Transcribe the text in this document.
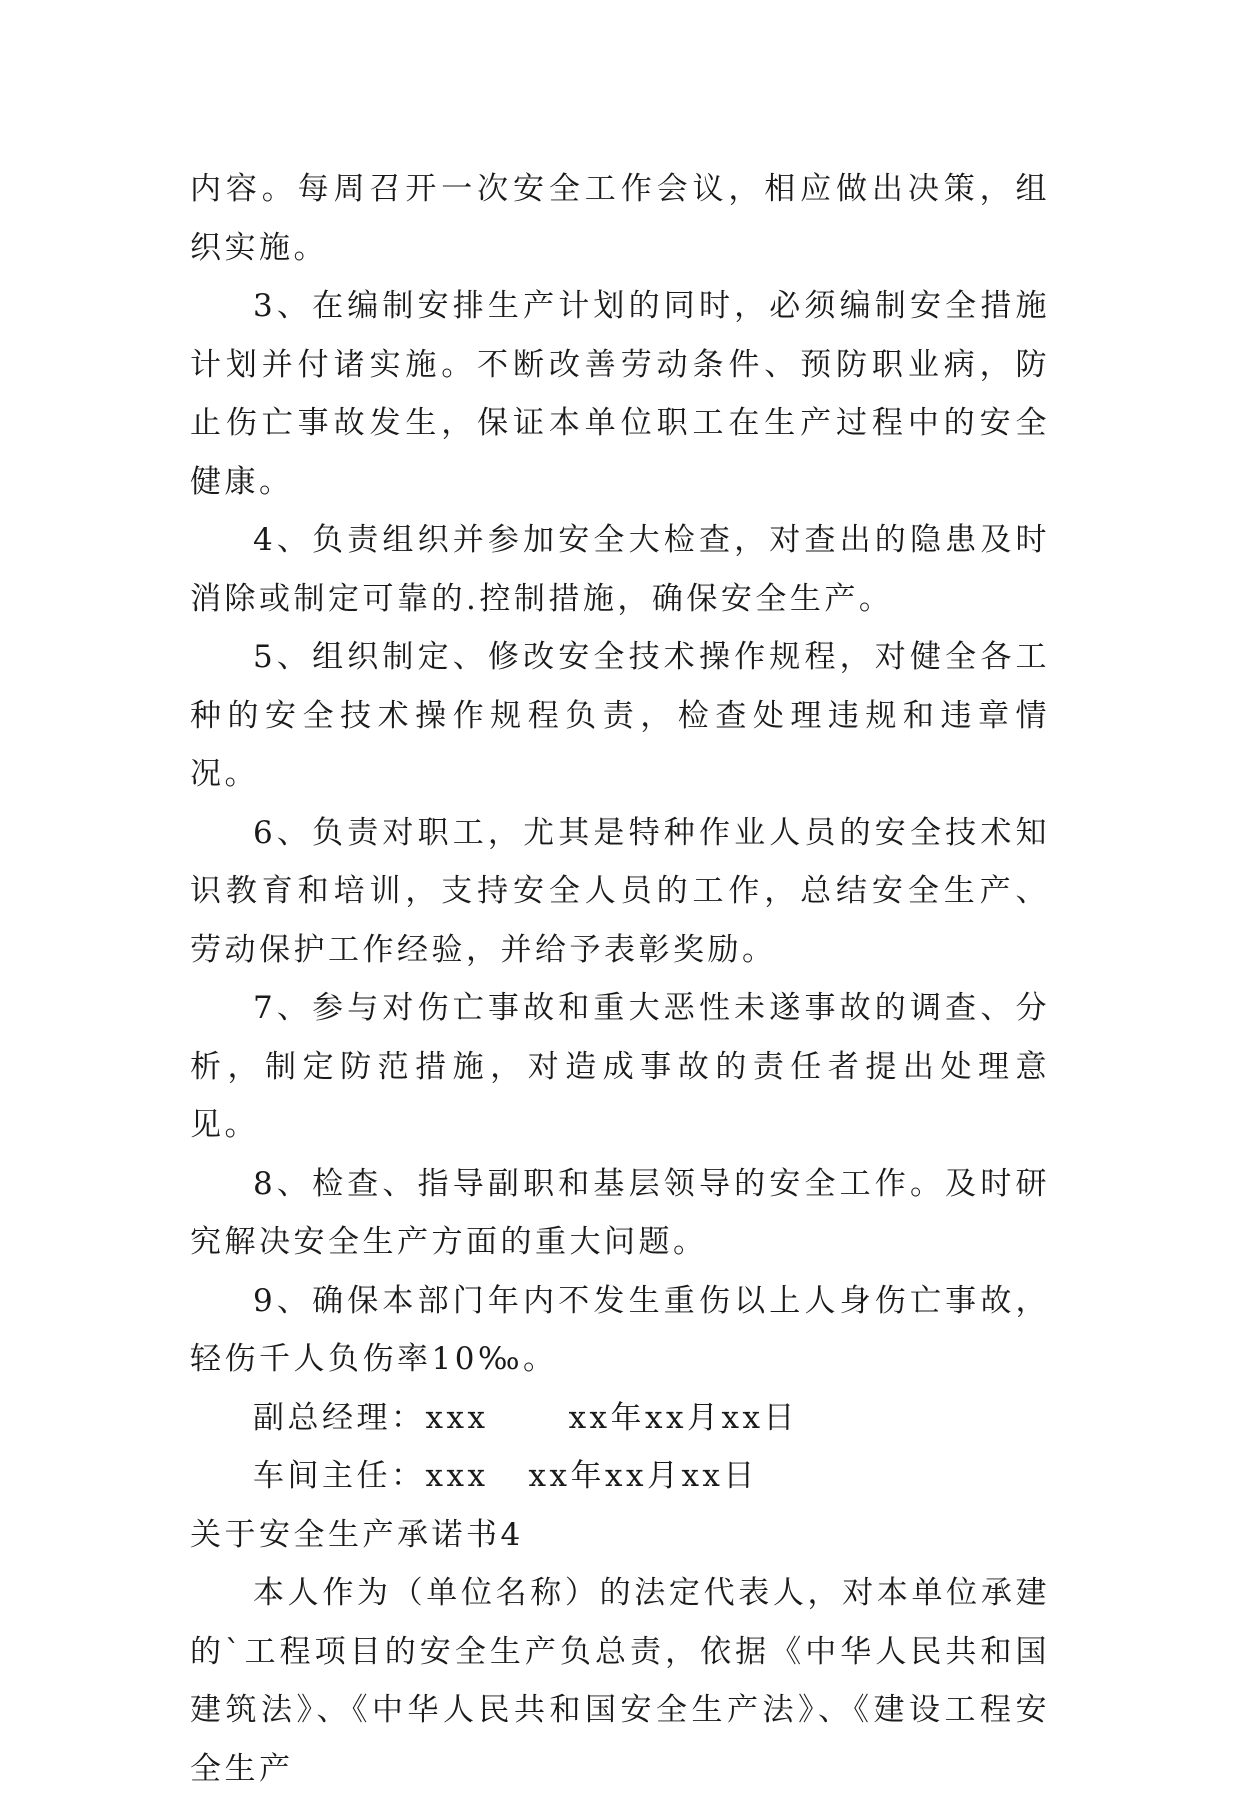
内容。每周召开一次安全工作会议，相应做出决策，组织实施。

3、在编制安排生产计划的同时，必须编制安全措施计划并付诸实施。不断改善劳动条件、预防职业病，防止伤亡事故发生，保证本单位职工在生产过程中的安全健康。

4、负责组织并参加安全大检查，对查出的隐患及时消除或制定可靠的.控制措施，确保安全生产。

5、组织制定、修改安全技术操作规程，对健全各工种的安全技术操作规程负责，检查处理违规和违章情况。

6、负责对职工，尤其是特种作业人员的安全技术知识教育和培训，支持安全人员的工作，总结安全生产、劳动保护工作经验，并给予表彰奖励。

7、参与对伤亡事故和重大恶性未遂事故的调查、分析，制定防范措施，对造成事故的责任者提出处理意见。

8、检查、指导副职和基层领导的安全工作。及时研究解决安全生产方面的重大问题。

9、确保本部门年内不发生重伤以上人身伤亡事故，轻伤千人负伤率10‰。

副总经理：xxx      xx年xx月xx日

车间主任：xxx   xx年xx月xx日

关于安全生产承诺书4

本人作为（单位名称）的法定代表人，对本单位承建的`工程项目的安全生产负总责，依据《中华人民共和国建筑法》、《中华人民共和国安全生产法》、《建设工程安全生产
